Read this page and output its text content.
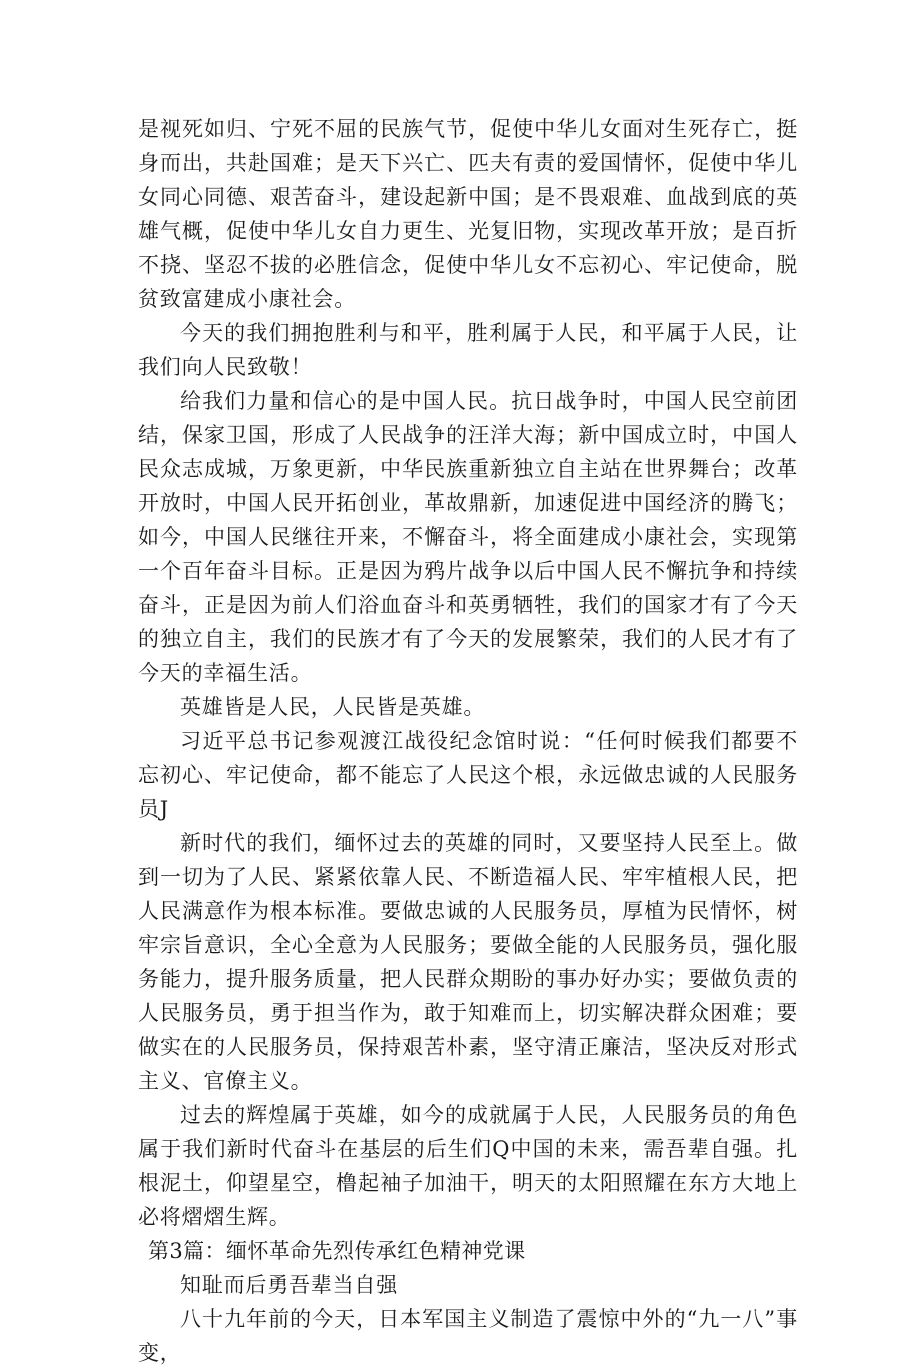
是视死如归、宁死不屈的民族气节，促使中华儿女面对生死存亡，挺身而出，共赴国难；是天下兴亡、匹夫有责的爱国情怀，促使中华儿女同心同德、艰苦奋斗，建设起新中国；是不畏艰难、血战到底的英雄气概，促使中华儿女自力更生、光复旧物，实现改革开放；是百折不挠、坚忍不拔的必胜信念，促使中华儿女不忘初心、牢记使命，脱贫致富建成小康社会。

今天的我们拥抱胜利与和平，胜利属于人民，和平属于人民，让我们向人民致敬！

给我们力量和信心的是中国人民。抗日战争时，中国人民空前团结，保家卫国，形成了人民战争的汪洋大海；新中国成立时，中国人民众志成城，万象更新，中华民族重新独立自主站在世界舞台；改革开放时，中国人民开拓创业，革故鼎新，加速促进中国经济的腾飞；如今，中国人民继往开来，不懈奋斗，将全面建成小康社会，实现第一个百年奋斗目标。正是因为鸦片战争以后中国人民不懈抗争和持续奋斗，正是因为前人们浴血奋斗和英勇牺牲，我们的国家才有了今天的独立自主，我们的民族才有了今天的发展繁荣，我们的人民才有了今天的幸福生活。

英雄皆是人民，人民皆是英雄。

习近平总书记参观渡江战役纪念馆时说：“任何时候我们都要不忘初心、牢记使命，都不能忘了人民这个根，永远做忠诚的人民服务员J

新时代的我们，缅怀过去的英雄的同时，又要坚持人民至上。做到一切为了人民、紧紧依靠人民、不断造福人民、牢牢植根人民，把人民满意作为根本标准。要做忠诚的人民服务员，厚植为民情怀，树牢宗旨意识，全心全意为人民服务；要做全能的人民服务员，强化服务能力，提升服务质量，把人民群众期盼的事办好办实；要做负责的人民服务员，勇于担当作为，敢于知难而上，切实解决群众困难；要做实在的人民服务员，保持艰苦朴素，坚守清正廉洁，坚决反对形式主义、官僚主义。

过去的辉煌属于英雄，如今的成就属于人民，人民服务员的角色属于我们新时代奋斗在基层的后生们Q中国的未来，需吾辈自强。扎根泥土，仰望星空，橹起袖子加油干，明天的太阳照耀在东方大地上必将熠熠生辉。

第3篇：缅怀革命先烈传承红色精神党课

知耻而后勇吾辈当自强

八十九年前的今天，日本军国主义制造了震惊中外的“九一八”事变，
